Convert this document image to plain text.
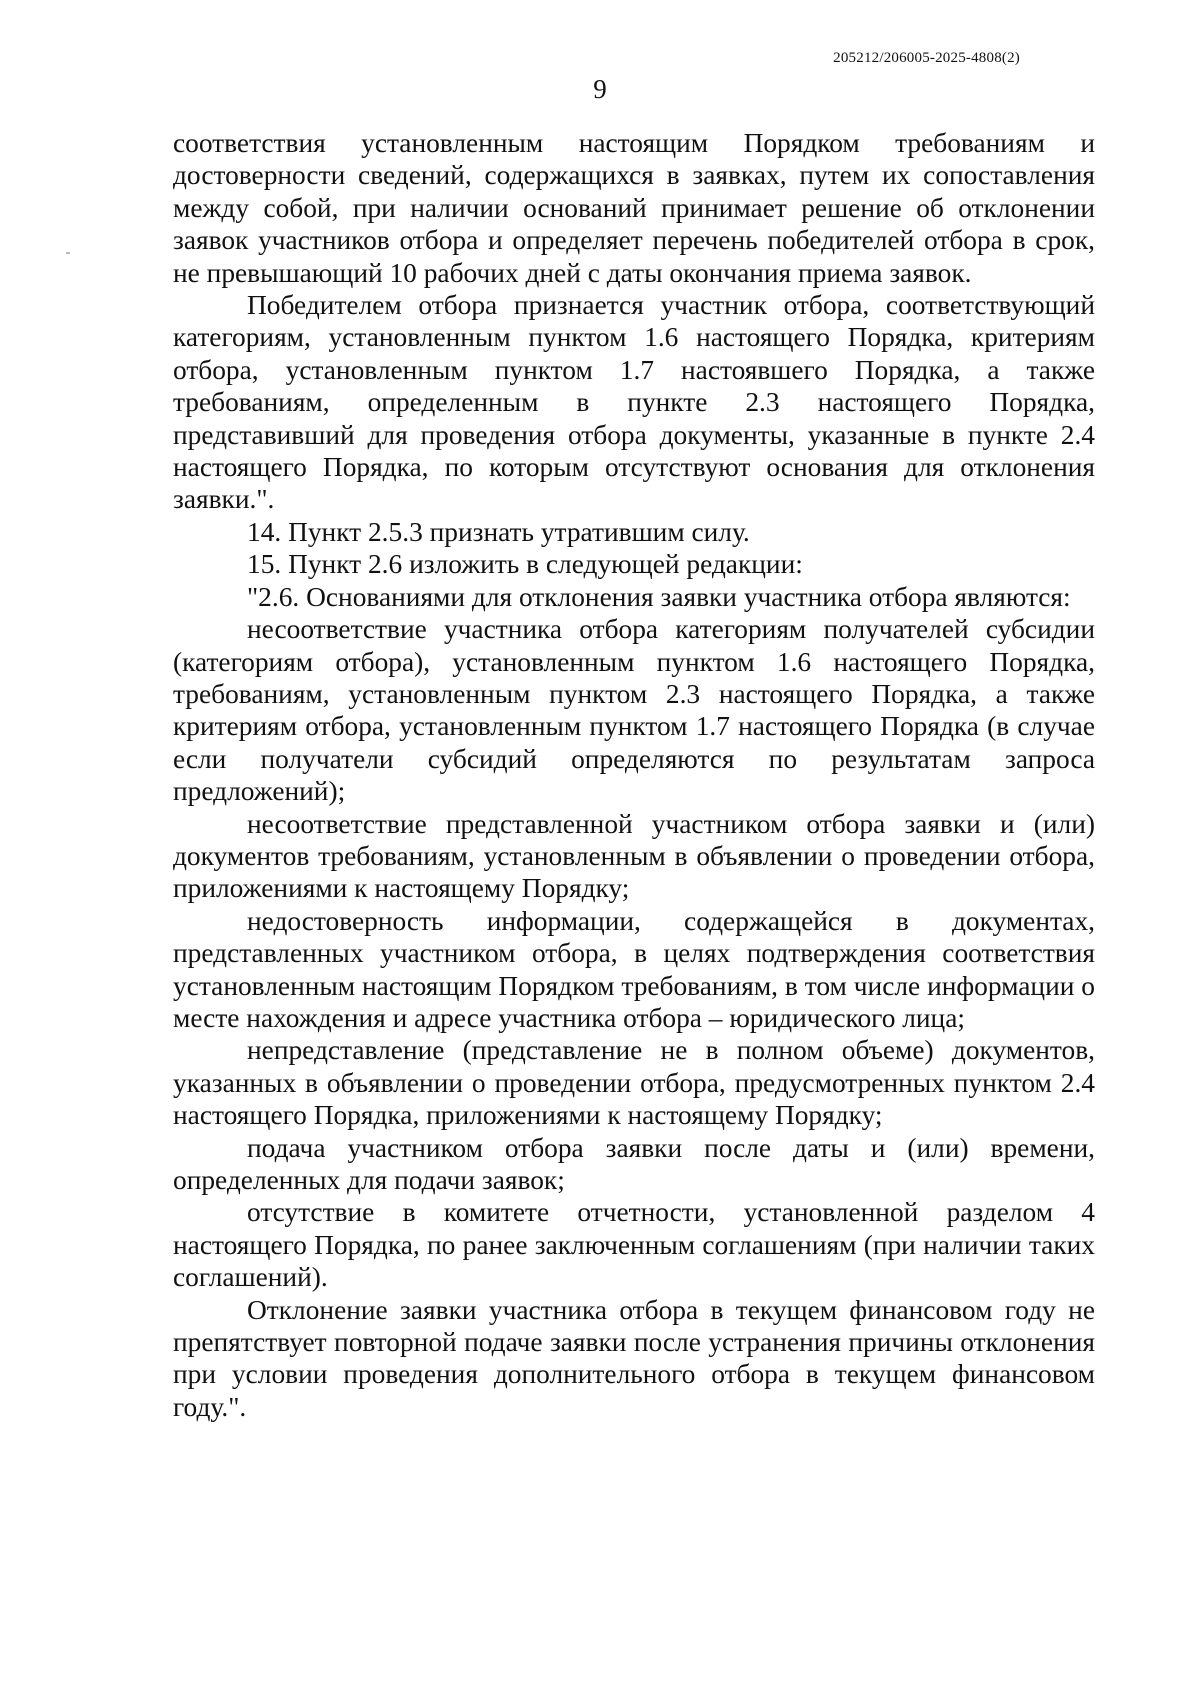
205212/206005-2025-4808(2)
9

соответствия установленным настоящим Порядком требованиям и достоверности сведений, содержащихся в заявках, путем их сопоставления между собой, при наличии оснований принимает решение об отклонении заявок участников отбора и определяет перечень победителей отбора в срок, не превышающий 10 рабочих дней с даты окончания приема заявок.

Победителем отбора признается участник отбора, соответствующий категориям, установленным пунктом 1.6 настоящего Порядка, критериям отбора, установленным пунктом 1.7 настоявшего Порядка, а также требованиям, определенным в пункте 2.3 настоящего Порядка, представивший для проведения отбора документы, указанные в пункте 2.4 настоящего Порядка, по которым отсутствуют основания для отклонения заявки.".

14. Пункт 2.5.3 признать утратившим силу.

15. Пункт 2.6 изложить в следующей редакции:

"2.6. Основаниями для отклонения заявки участника отбора являются:

несоответствие участника отбора категориям получателей субсидии (категориям отбора), установленным пунктом 1.6 настоящего Порядка, требованиям, установленным пунктом 2.3 настоящего Порядка, а также критериям отбора, установленным пунктом 1.7 настоящего Порядка (в случае если получатели субсидий определяются по результатам запроса предложений);

несоответствие представленной участником отбора заявки и (или) документов требованиям, установленным в объявлении о проведении отбора, приложениями к настоящему Порядку;

недостоверность информации, содержащейся в документах, представленных участником отбора, в целях подтверждения соответствия установленным настоящим Порядком требованиям, в том числе информации о месте нахождения и адресе участника отбора – юридического лица;

непредставление (представление не в полном объеме) документов, указанных в объявлении о проведении отбора, предусмотренных пунктом 2.4 настоящего Порядка, приложениями к настоящему Порядку;

подача участником отбора заявки после даты и (или) времени, определенных для подачи заявок;

отсутствие в комитете отчетности, установленной разделом 4 настоящего Порядка, по ранее заключенным соглашениям (при наличии таких соглашений).

Отклонение заявки участника отбора в текущем финансовом году не препятствует повторной подаче заявки после устранения причины отклонения при условии проведения дополнительного отбора в текущем финансовом году.".
